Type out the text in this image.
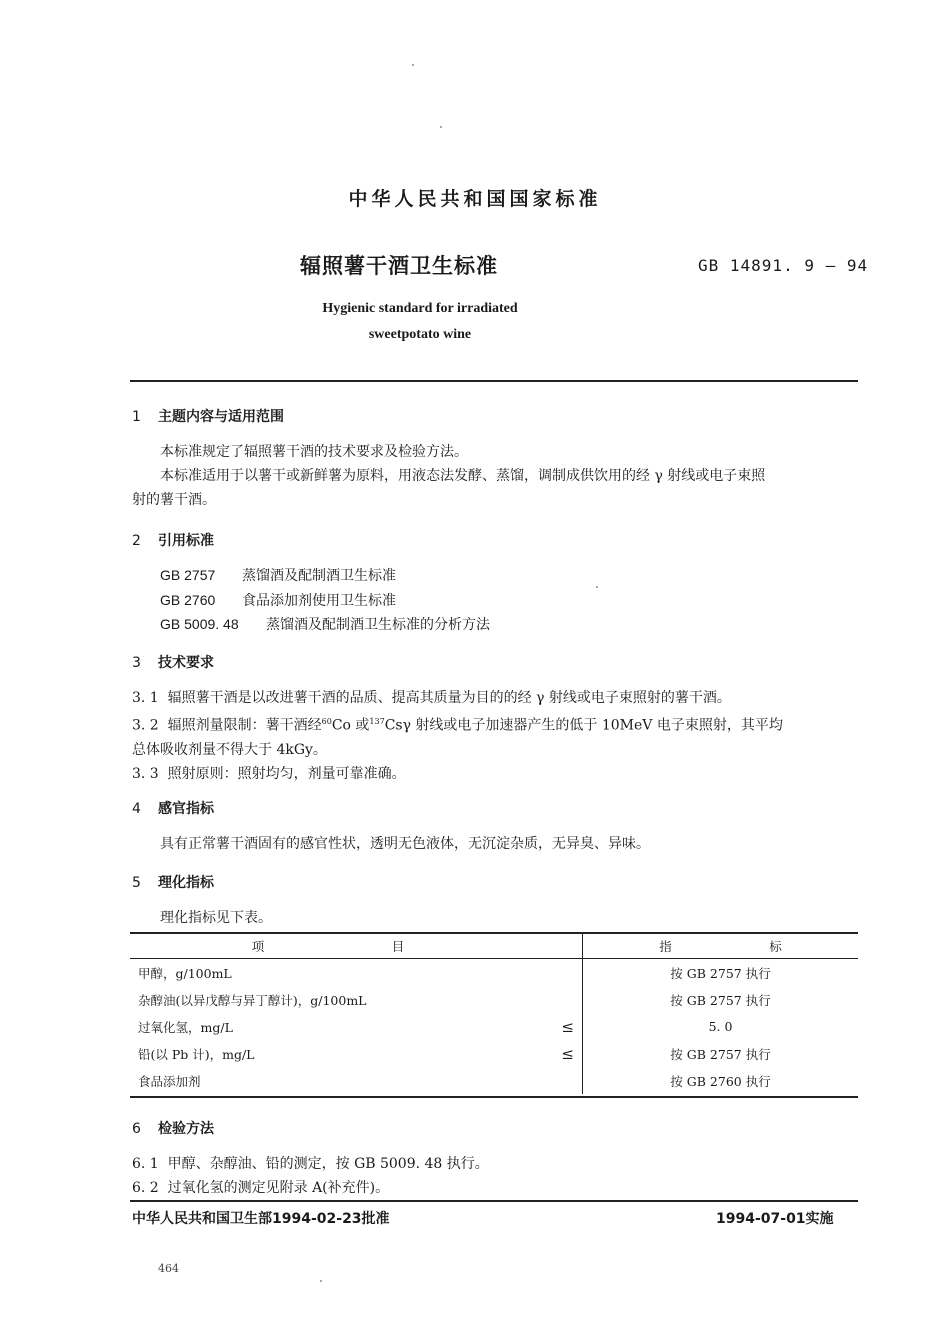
中华人民共和国国家标准
辐照薯干酒卫生标准	GB 14891. 9 — 94
Hygienic standard for irradiated
sweetpotato wine
1 主题内容与适用范围
本标准规定了辐照薯干酒的技术要求及检验方法。
本标准适用于以薯干或新鲜薯为原料，用液态法发酵、蒸馏，调制成供饮用的经 γ 射线或电子束照
射的薯干酒。
2 引用标准
GB 2757 蒸馏酒及配制酒卫生标准
GB 2760 食品添加剂使用卫生标准
GB 5009. 48 蒸馏酒及配制酒卫生标准的分析方法
3 技术要求
3. 1 辐照薯干酒是以改进薯干酒的品质、提高其质量为目的的经 γ 射线或电子束照射的薯干酒。
3. 2 辐照剂量限制：薯干酒经$^{60}$Co 或$^{137}$Csγ 射线或电子加速器产生的低于 10MeV 电子束照射，其平均
总体吸收剂量不得大于 4kGy。
3. 3 照射原则：照射均匀，剂量可靠准确。
4 感官指标
具有正常薯干酒固有的感官性状，透明无色液体，无沉淀杂质，无异臭、异味。
5 理化指标
理化指标见下表。
项 目		指 标
甲醇，g/100mL		按 GB 2757 执行
杂醇油(以异戊醇与异丁醇计)，g/100mL		按 GB 2757 执行
过氧化氢，mg/L	≤	5. 0
铅(以 Pb 计)，mg/L	≤	按 GB 2757 执行
食品添加剂		按 GB 2760 执行
6 检验方法
6. 1 甲醇、杂醇油、铅的测定，按 GB 5009. 48 执行。
6. 2 过氧化氢的测定见附录 A(补充件)。
中华人民共和国卫生部1994-02-23批准	1994-07-01实施
464
